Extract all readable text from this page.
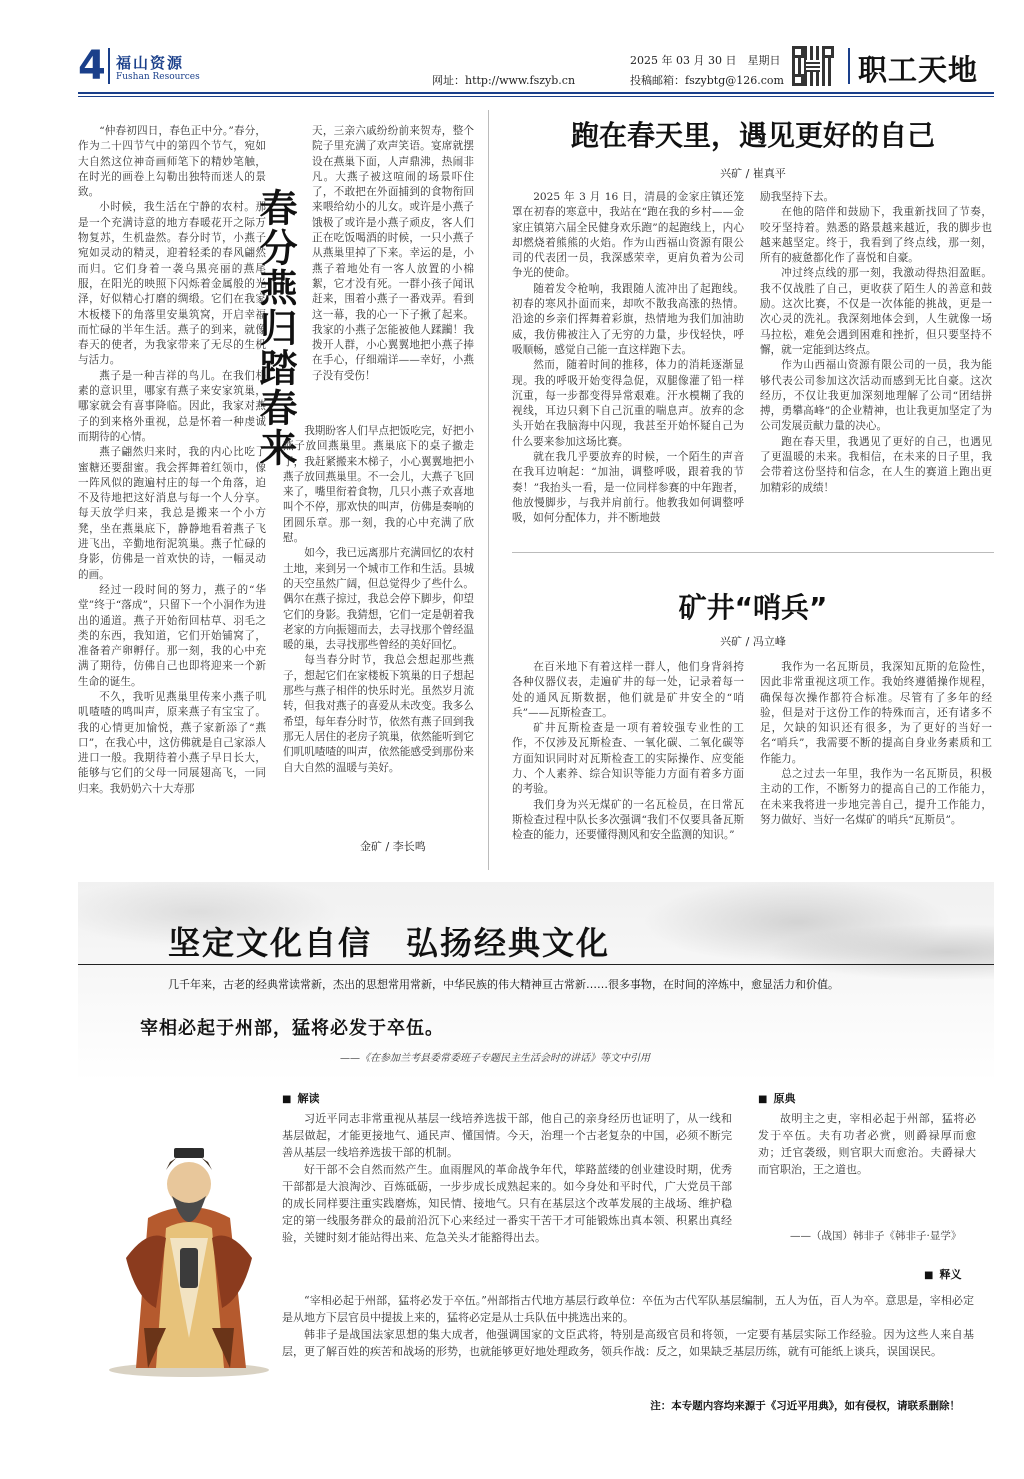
4 福山资源
Fushan Resources
2025 年 03 月 30 日　星期日
网址：http://www.fszyb.cn	投稿邮箱：fszybtg@126.com	职工天地

“仲春初四日，春色正中分。”春分，作为二十四节气中的第四个节气，宛如大自然这位神奇画师笔下的精妙笔触，在时光的画卷上勾勒出独特而迷人的景致。

小时候，我生活在宁静的农村。那是一个充满诗意的地方春暖花开之际万物复苏，生机盎然。春分时节，小燕子宛如灵动的精灵，迎着轻柔的春风翩然而归。它们身着一袭乌黑亮丽的燕尾服，在阳光的映照下闪烁着金属般的光泽，好似精心打磨的绸缎。它们在我家木板楼下的角落里安巢筑窝，开启幸福而忙碌的半年生活。燕子的到来，就像春天的使者，为我家带来了无尽的生机与活力。

燕子是一种吉祥的鸟儿。在我们朴素的意识里，哪家有燕子来安家筑巢，哪家就会有喜事降临。因此，我家对燕子的到来格外重视，总是怀着一种虔诚而期待的心情。

燕子翩然归来时，我的内心比吃了蜜糖还要甜蜜。我会挥舞着红领巾，像一阵风似的跑遍村庄的每一个角落，迫不及待地把这好消息与每一个人分享。每天放学归来，我总是搬来一个小方凳，坐在燕巢底下，静静地看着燕子飞进飞出，辛勤地衔泥筑巢。燕子忙碌的身影，仿佛是一首欢快的诗，一幅灵动的画。

经过一段时间的努力，燕子的“华堂”终于“落成”，只留下一个小洞作为进出的通道。燕子开始衔回枯草、羽毛之类的东西，我知道，它们开始铺窝了，准备着产卵孵仔。那一刻，我的心中充满了期待，仿佛自己也即将迎来一个新生命的诞生。

不久，我听见燕巢里传来小燕子叽叽喳喳的鸣叫声，原来燕子有宝宝了。我的心情更加愉悦，燕子家新添了“燕口”，在我心中，这仿佛就是自己家添人进口一般。我期待着小燕子早日长大，能够与它们的父母一同展翅高飞，一同归来。我奶奶六十大寿那

春分燕归踏春来

天，三亲六戚纷纷前来贺寿，整个院子里充满了欢声笑语。宴席就摆设在燕巢下面，人声鼎沸，热闹非凡。大燕子被这喧闹的场景吓住了，不敢把在外面捕到的食物衔回来喂给幼小的儿女。或许是小燕子饿极了或许是小燕子顽皮，客人们正在吃饭喝酒的时候，一只小燕子从燕巢里掉了下来。幸运的是，小燕子着地处有一客人放置的小棉絮，它才没有死。一群小孩子闻讯赶来，围着小燕子一番戏弄。看到这一幕，我的心一下子揪了起来。我家的小燕子怎能被他人蹂躏！我拨开人群，小心翼翼地把小燕子捧在手心，仔细端详——幸好，小燕子没有受伤！

我期盼客人们早点把饭吃完，好把小燕子放回燕巢里。燕巢底下的桌子撤走了，我赶紧搬来木梯子，小心翼翼地把小燕子放回燕巢里。不一会儿，大燕子飞回来了，嘴里衔着食物，几只小燕子欢喜地叫个不停，那欢快的叫声，仿佛是奏响的团圆乐章。那一刻，我的心中充满了欣慰。

如今，我已远离那片充满回忆的农村土地，来到另一个城市工作和生活。县城的天空虽然广阔，但总觉得少了些什么。偶尔在燕子掠过，我总会停下脚步，仰望它们的身影。我猜想，它们一定是朝着我老家的方向振翅而去，去寻找那个曾经温暖的巢，去寻找那些曾经的美好回忆。

每当春分时节，我总会想起那些燕子，想起它们在家楼板下筑巢的日子想起那些与燕子相伴的快乐时光。虽然岁月流转，但我对燕子的喜爱从未改变。我多么希望，每年春分时节，依然有燕子回到我那无人居住的老房子筑巢，依然能听到它们叽叽喳喳的叫声，依然能感受到那份来自大自然的温暖与美好。

金矿 / 李长鸣
跑在春天里，遇见更好的自己
兴矿 / 崔真平

2025 年 3 月 16 日，清晨的金家庄镇还笼罩在初春的寒意中，我站在“跑在我的乡村——金家庄镇第六届全民健身欢乐跑”的起跑线上，内心却燃烧着熊熊的火焰。作为山西福山资源有限公司的代表团一员，我深感荣幸，更肩负着为公司争光的使命。

随着发令枪响，我跟随人流冲出了起跑线。初春的寒风扑面而来，却吹不散我高涨的热情。沿途的乡亲们挥舞着彩旗，热情地为我们加油助威，我仿佛被注入了无穷的力量，步伐轻快，呼吸顺畅，感觉自己能一直这样跑下去。

然而，随着时间的推移，体力的消耗逐渐显现。我的呼吸开始变得急促，双腿像灌了铅一样沉重，每一步都变得异常艰难。汗水模糊了我的视线，耳边只剩下自己沉重的喘息声。放弃的念头开始在我脑海中闪现，我甚至开始怀疑自己为什么要来参加这场比赛。

就在我几乎要放弃的时候，一个陌生的声音在我耳边响起：“加油，调整呼吸，跟着我的节奏！”我抬头一看，是一位同样参赛的中年跑者，他放慢脚步，与我并肩前行。他教我如何调整呼吸，如何分配体力，并不断地鼓

励我坚持下去。

在他的陪伴和鼓励下，我重新找回了节奏，咬牙坚持着。熟悉的路景越来越近，我的脚步也越来越坚定。终于，我看到了终点线，那一刻，所有的疲惫都化作了喜悦和自豪。

冲过终点线的那一刻，我激动得热泪盈眶。我不仅战胜了自己，更收获了陌生人的善意和鼓励。这次比赛，不仅是一次体能的挑战，更是一次心灵的洗礼。我深刻地体会到，人生就像一场马拉松，难免会遇到困难和挫折，但只要坚持不懈，就一定能到达终点。

作为山西福山资源有限公司的一员，我为能够代表公司参加这次活动而感到无比自豪。这次经历，不仅让我更加深刻地理解了公司“团结拼搏，勇攀高峰”的企业精神，也让我更加坚定了为公司发展贡献力量的决心。

跑在春天里，我遇见了更好的自己，也遇见了更温暖的未来。我相信，在未来的日子里，我会带着这份坚持和信念，在人生的赛道上跑出更加精彩的成绩！

矿井“哨兵”
兴矿 / 冯立峰

在百米地下有着这样一群人，他们身背斜挎各种仪器仪表，走遍矿井的每一处，记录着每一处的通风瓦斯数据，他们就是矿井安全的“哨兵”——瓦斯检查工。

矿井瓦斯检查是一项有着较强专业性的工作，不仅涉及瓦斯检查、一氧化碳、二氧化碳等方面知识同时对瓦斯检查工的实际操作、应变能力、个人素养、综合知识等能力方面有着多方面的考验。

我们身为兴无煤矿的一名瓦检员，在日常瓦斯检查过程中队长多次强调“我们不仅要具备瓦斯检查的能力，还要懂得测风和安全监测的知识。”

我作为一名瓦斯员，我深知瓦斯的危险性，因此非常重视这项工作。我始终遵循操作规程，确保每次操作都符合标准。尽管有了多年的经验，但是对于这份工作的特殊而言，还有诸多不足，欠缺的知识还有很多，为了更好的当好一名“哨兵”，我需要不断的提高自身业务素质和工作能力。

总之过去一年里，我作为一名瓦斯员，积极主动的工作，不断努力的提高自己的工作能力，在未来我将进一步地完善自己，提升工作能力，努力做好、当好一名煤矿的哨兵“瓦斯员”。

坚定文化自信　弘扬经典文化
几千年来，古老的经典常读常新，杰出的思想常用常新，中华民族的伟大精神亘古常新……很多事物，在时间的淬炼中，愈显活力和价值。
宰相必起于州部，猛将必发于卒伍。
——《在参加兰考县委常委班子专题民主生活会时的讲话》等文中引用
■ 解读

习近平同志非常重视从基层一线培养选拔干部，他自己的亲身经历也证明了，从一线和基层做起，才能更接地气、通民声、懂国情。今天，治理一个古老复杂的中国，必须不断完善从基层一线培养选拔干部的机制。

好干部不会自然而然产生。血雨腥风的革命战争年代，筚路蓝缕的创业建设时期，优秀干部都是大浪淘沙、百炼砥砺，一步步成长成熟起来的。如今身处和平时代，广大党员干部的成长同样要注重实践磨炼，知民情、接地气。只有在基层这个改革发展的主战场、维护稳定的第一线服务群众的最前沿沉下心来经过一番实干苦干才可能锻炼出真本领、积累出真经验，关键时刻才能站得出来、危急关头才能豁得出去。

■ 原典

故明主之吏，宰相必起于州部，猛将必发于卒伍。夫有功者必赏，则爵禄厚而愈劝；迁官袭级，则官职大而愈治。夫爵禄大而官职治，王之道也。

——（战国）韩非子《韩非子·显学》
■ 释义

“宰相必起于州部，猛将必发于卒伍。”州部指古代地方基层行政单位：卒伍为古代军队基层编制，五人为伍，百人为卒。意思是，宰相必定是从地方下层官员中提拔上来的，猛将必定是从士兵队伍中挑选出来的。

韩非子是战国法家思想的集大成者，他强调国家的文臣武将，特别是高级官员和将领，一定要有基层实际工作经验。因为这些人来自基层，更了解百姓的疾苦和战场的形势，也就能够更好地处理政务，领兵作战：反之，如果缺乏基层历练，就有可能纸上谈兵，误国误民。

注：本专题内容均来源于《习近平用典》，如有侵权，请联系删除！
